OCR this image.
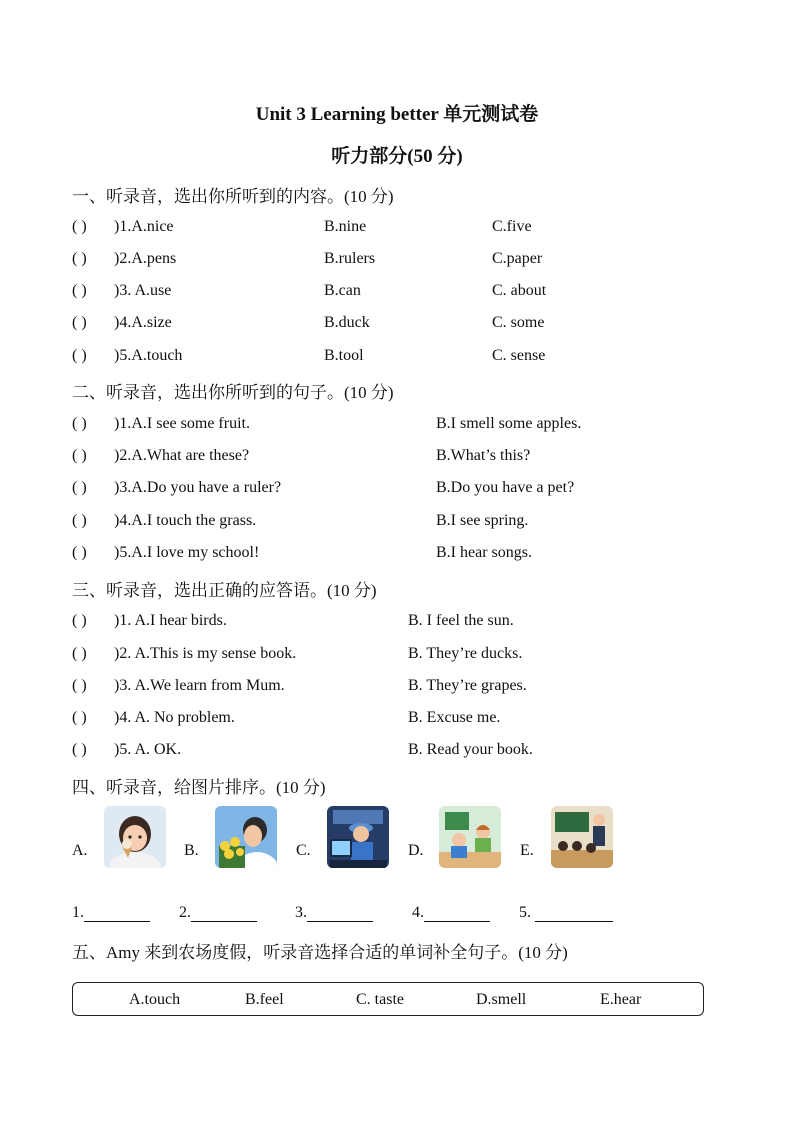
Unit 3 Learning better 单元测试卷
听力部分(50 分)
一、听录音，选出你所听到的内容。(10 分)
( ) )1.A.nice	B.nine	C.five
( ) )2.A.pens	B.rulers	C.paper
( ) )3. A.use	B.can	C. about
( ) )4.A.size	B.duck	C. some
( ) )5.A.touch	B.tool	C. sense
二、听录音，选出你所听到的句子。(10 分)
( ) )1.A.I see some fruit.	B.I smell some apples.
( ) )2.A.What are these?	B.What’s this?
( ) )3.A.Do you have a ruler?	B.Do you have a pet?
( ) )4.A.I touch the grass.	B.I see spring.
( ) )5.A.I love my school!	B.I hear songs.
三、听录音，选出正确的应答语。(10 分)
( ) )1. A.I hear birds.	B. I feel the sun.
( ) )2. A.This is my sense book.	B. They’re ducks.
( ) )3. A.We learn from Mum.	B. They’re grapes.
( ) )4. A. No problem.	B. Excuse me.
( ) )5. A. OK.	B. Read your book.
四、听录音，给图片排序。(10 分)
A.	B.	C.	D.	E.
1.	2.	3.	4.	5.
五、Amy 来到农场度假，听录音选择合适的单词补全句子。(10 分)
A.touch	B.feel	C. taste	D.smell	E.hear
